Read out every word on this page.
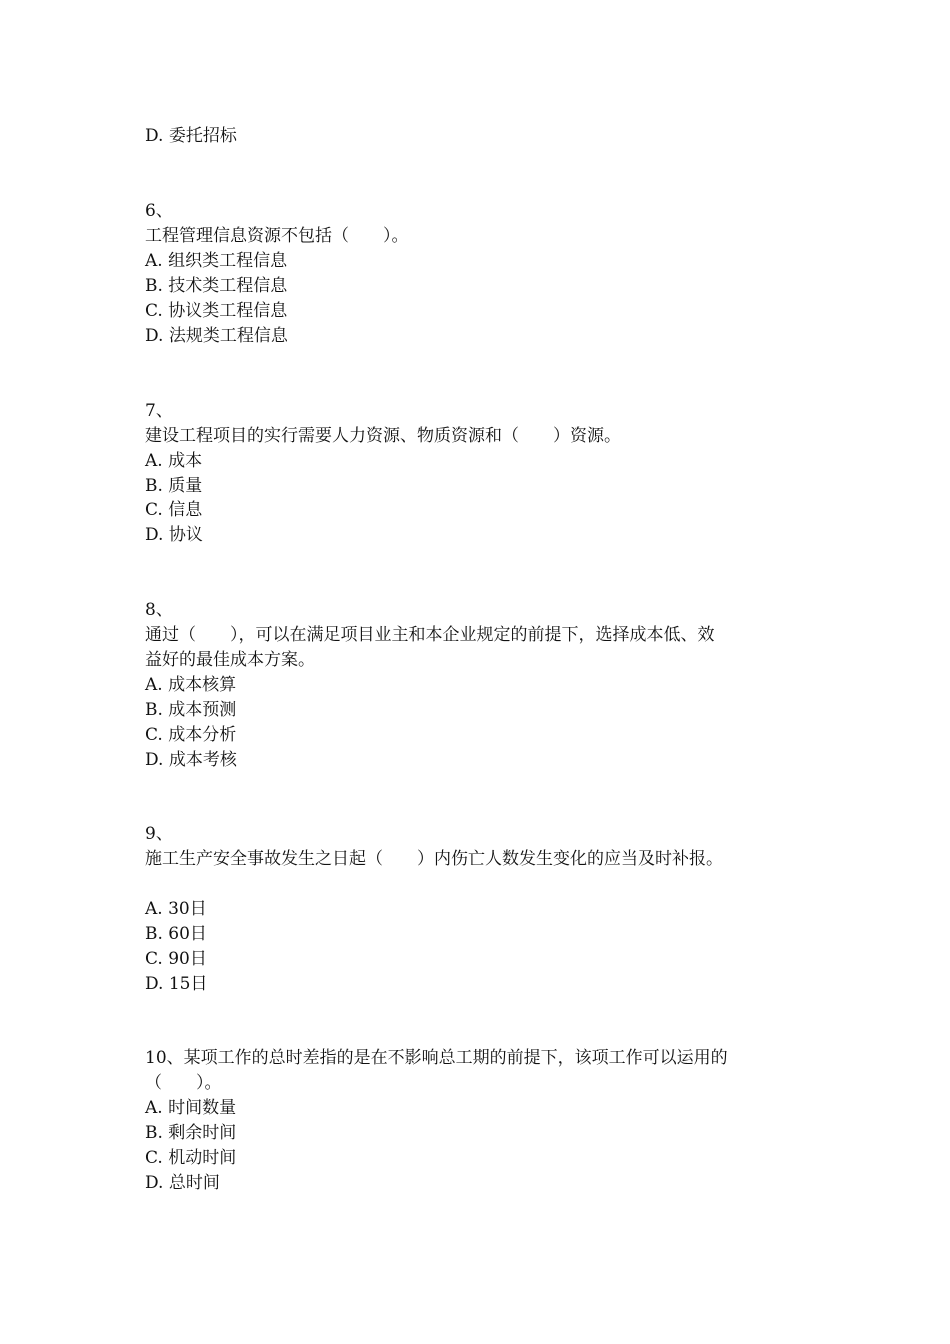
D. 委托招标
6、
工程管理信息资源不包括（　　）。
A. 组织类工程信息
B. 技术类工程信息
C. 协议类工程信息
D. 法规类工程信息
7、
建设工程项目的实行需要人力资源、物质资源和（　　）资源。
A. 成本
B. 质量
C. 信息
D. 协议
8、
通过（　　），可以在满足项目业主和本企业规定的前提下，选择成本低、效
益好的最佳成本方案。
A. 成本核算
B. 成本预测
C. 成本分析
D. 成本考核
9、
施工生产安全事故发生之日起（　　）内伤亡人数发生变化的应当及时补报。
A. 30日
B. 60日
C. 90日
D. 15日
10、某项工作的总时差指的是在不影响总工期的前提下，该项工作可以运用的
（　　）。
A. 时间数量
B. 剩余时间
C. 机动时间
D. 总时间
